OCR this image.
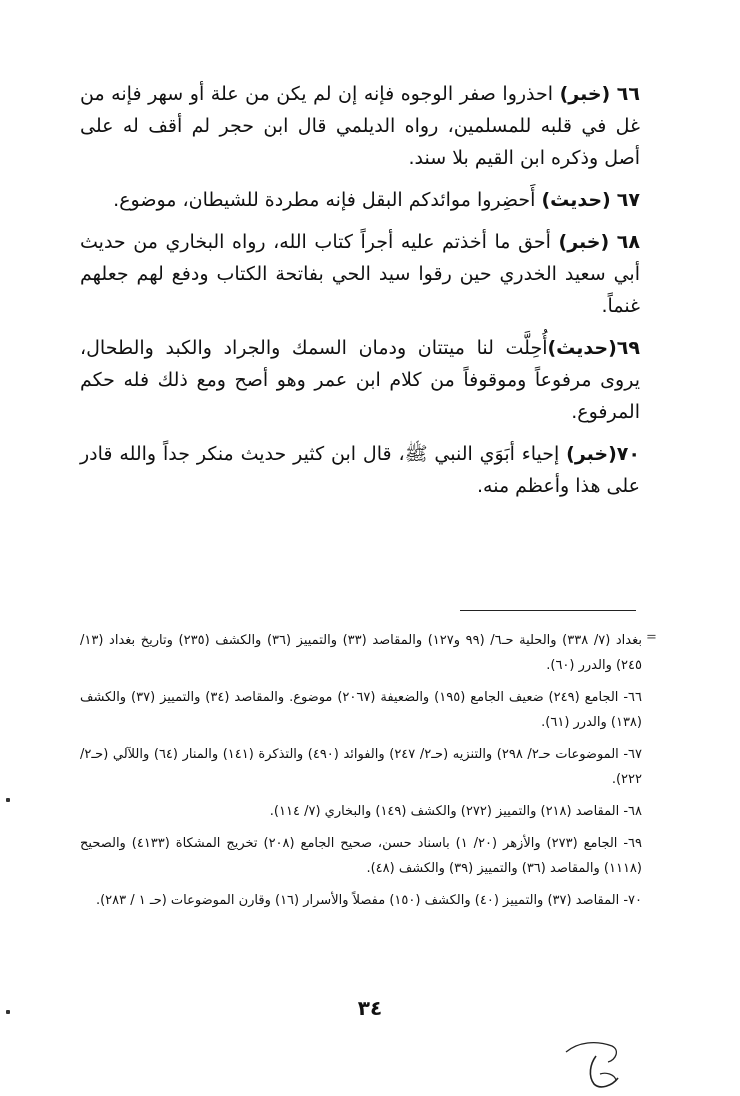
٦٦ (خبر) احذروا صفر الوجوه فإنه إن لم يكن من علة أو سهر فإنه من غل في قلبه للمسلمين، رواه الديلمي قال ابن حجر لم أقف له على أصل وذكره ابن القيم بلا سند.

٦٧ (حديث) أَحضِروا موائدكم البقل فإنه مطردة للشيطان، موضوع.

٦٨ (خبر) أحق ما أخذتم عليه أجراً كتاب الله، رواه البخاري من حديث أبي سعيد الخدري حين رقوا سيد الحي بفاتحة الكتاب ودفع لهم جعلهم غنماً.

٦٩(حديث)أُحِلَّت لنا ميتتان ودمان السمك والجراد والكبد والطحال، يروى مرفوعاً وموقوفاً من كلام ابن عمر وهو أصح ومع ذلك فله حكم المرفوع.

٧٠(خبر) إحياء أبَوَي النبي ﷺ، قال ابن كثير حديث منكر جداً والله قادر على هذا وأعظم منه.

=

بغداد (٧/ ٣٣٨) والحلية حـ٦/ (٩٩ و١٢٧) والمقاصد (٣٣) والتمييز (٣٦) والكشف (٢٣٥) وتاريخ بغداد (١٣/ ٢٤٥) والدرر (٦٠).

٦٦- الجامع (٢٤٩) ضعيف الجامع (١٩٥) والضعيفة (٢٠٦٧) موضوع. والمقاصد (٣٤) والتمييز (٣٧) والكشف (١٣٨) والدرر (٦١).

٦٧- الموضوعات حـ٢/ ٢٩٨) والتنزيه (حـ٢/ ٢٤٧) والفوائد (٤٩٠) والتذكرة (١٤١) والمنار (٦٤) واللآلي (حـ٢/ ٢٢٢).

٦٨- المقاصد (٢١٨) والتمييز (٢٧٢) والكشف (١٤٩) والبخاري (٧/ ١١٤).

٦٩- الجامع (٢٧٣) والأزهر (٢٠/ ١) باسناد حسن، صحيح الجامع (٢٠٨) تخريج المشكاة (٤١٣٣) والصحيح (١١١٨) والمقاصد (٣٦) والتمييز (٣٩) والكشف (٤٨).

٧٠- المقاصد (٣٧) والتمييز (٤٠) والكشف (١٥٠) مفصلاً والأسرار (١٦) وقارن الموضوعات (حـ ١ / ٢٨٣).

٣٤
